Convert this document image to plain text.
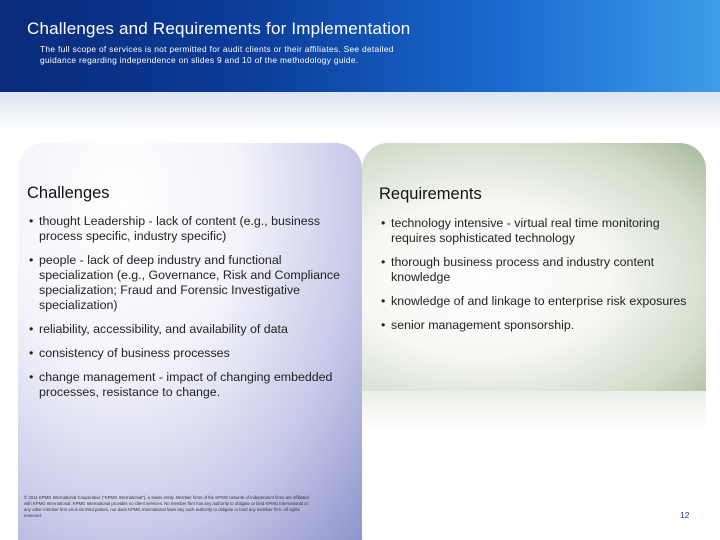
Challenges and Requirements for Implementation
The full scope of services is not permitted for audit clients or their affiliates. See detailed guidance regarding independence on slides 9 and 10 of the methodology guide.
Challenges
• thought Leadership - lack of content (e.g., business process specific, industry specific)
• people - lack of deep industry and functional specialization (e.g., Governance, Risk and Compliance specialization; Fraud and Forensic Investigative specialization)
• reliability, accessibility, and availability of data
• consistency of business processes
• change management - impact of changing embedded processes, resistance to change.
Requirements
• technology intensive - virtual real time monitoring requires sophisticated technology
• thorough business process and industry content knowledge
• knowledge of and linkage to enterprise risk exposures
• senior management sponsorship.
© 2011 KPMG International Cooperative ("KPMG International"), a Swiss entity. Member firms of the KPMG network of independent firms are affiliated with KPMG International. KPMG International provides no client services. No member firm has any authority to obligate or bind KPMG International or any other member firm vis-à-vis third parties, nor does KPMG International have any such authority to obligate or bind any member firm. All rights reserved.	12
